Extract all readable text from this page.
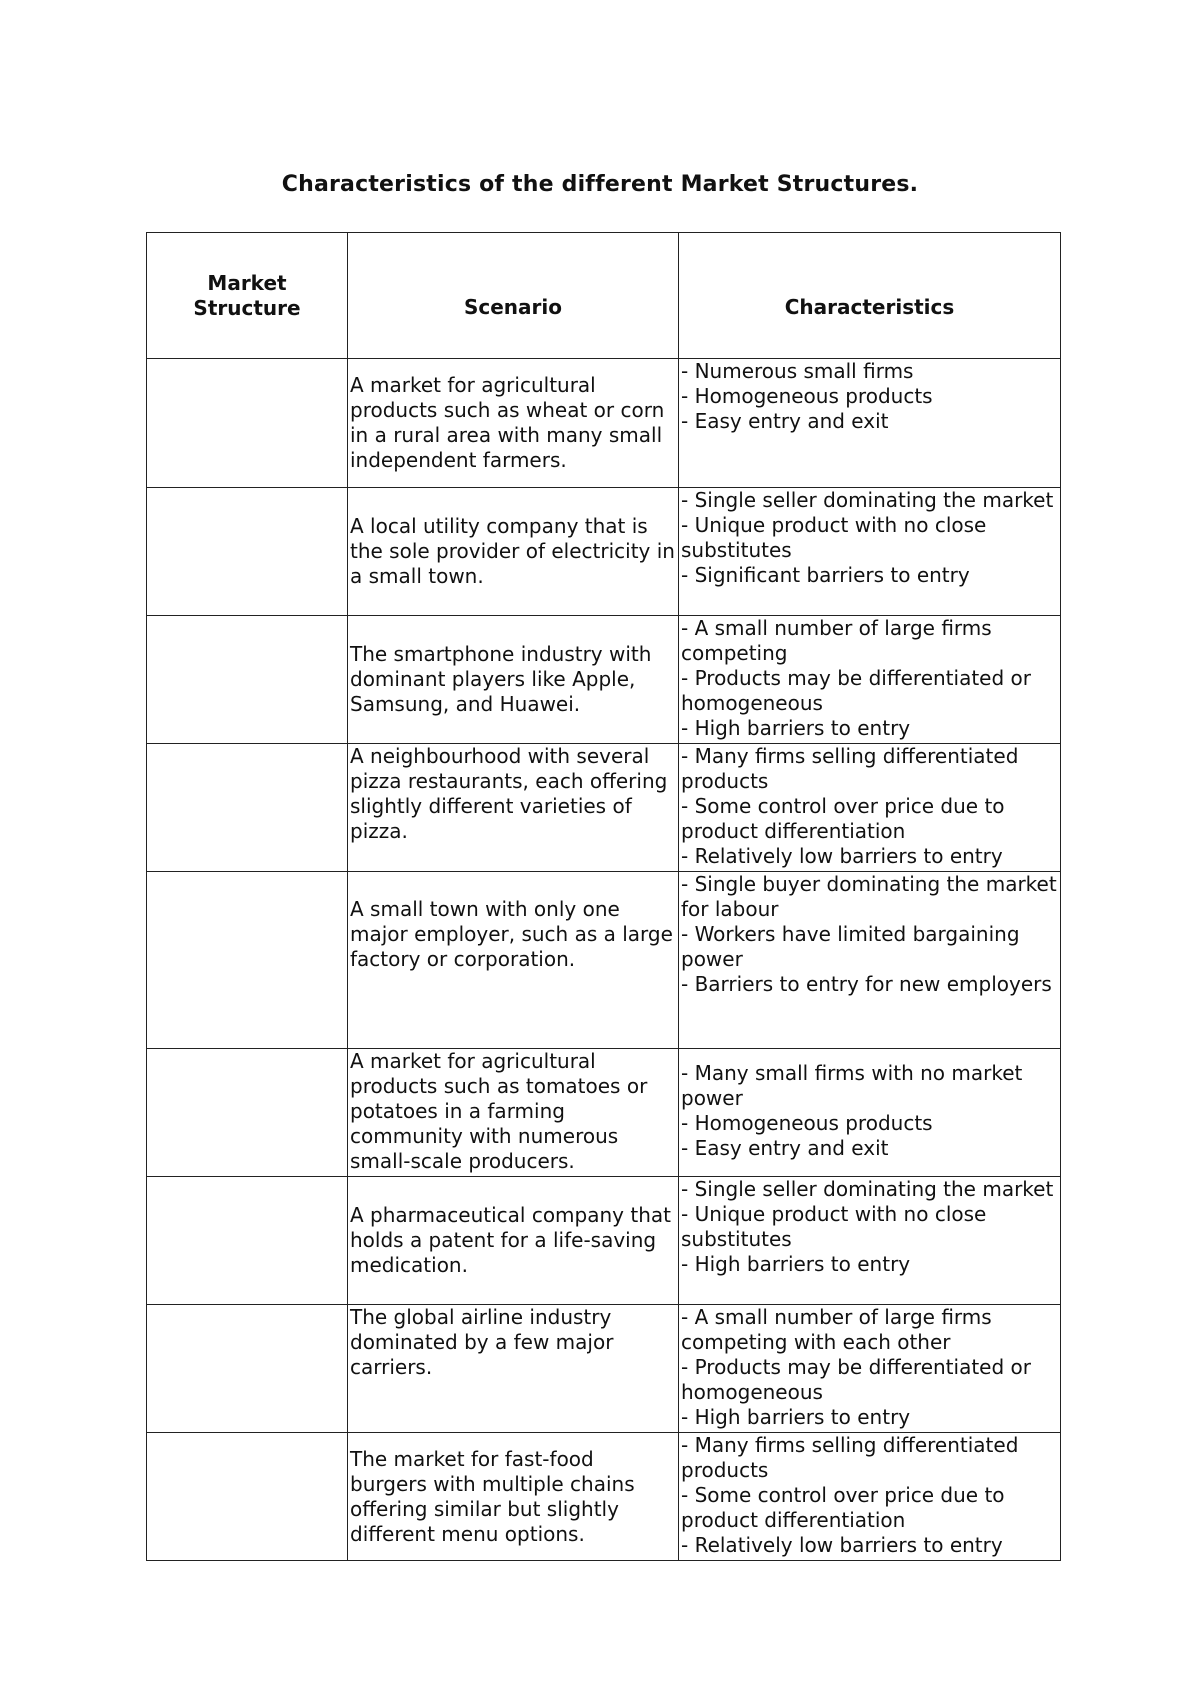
Characteristics of the different Market Structures.
Market Structure	Scenario	Characteristics
	A market for agricultural products such as wheat or corn in a rural area with many small independent farmers.	- Numerous small firms
- Homogeneous products
- Easy entry and exit

	A local utility company that is the sole provider of electricity in a small town.	- Single seller dominating the market
- Unique product with no close substitutes
- Significant barriers to entry

	The smartphone industry with dominant players like Apple, Samsung, and Huawei.	- A small number of large firms competing
- Products may be differentiated or homogeneous
- High barriers to entry

	A neighbourhood with several pizza restaurants, each offering slightly different varieties of pizza.	- Many firms selling differentiated products
- Some control over price due to product differentiation
- Relatively low barriers to entry

	A small town with only one major employer, such as a large factory or corporation.	- Single buyer dominating the market for labour
- Workers have limited bargaining power
- Barriers to entry for new employers

	A market for agricultural products such as tomatoes or potatoes in a farming community with numerous small-scale producers.	- Many small firms with no market power
- Homogeneous products
- Easy entry and exit

	A pharmaceutical company that holds a patent for a life-saving medication.	- Single seller dominating the market
- Unique product with no close substitutes
- High barriers to entry

	The global airline industry dominated by a few major carriers.	- A small number of large firms competing with each other
- Products may be differentiated or homogeneous
- High barriers to entry

	The market for fast-food burgers with multiple chains offering similar but slightly different menu options.	- Many firms selling differentiated products
- Some control over price due to product differentiation
- Relatively low barriers to entry
